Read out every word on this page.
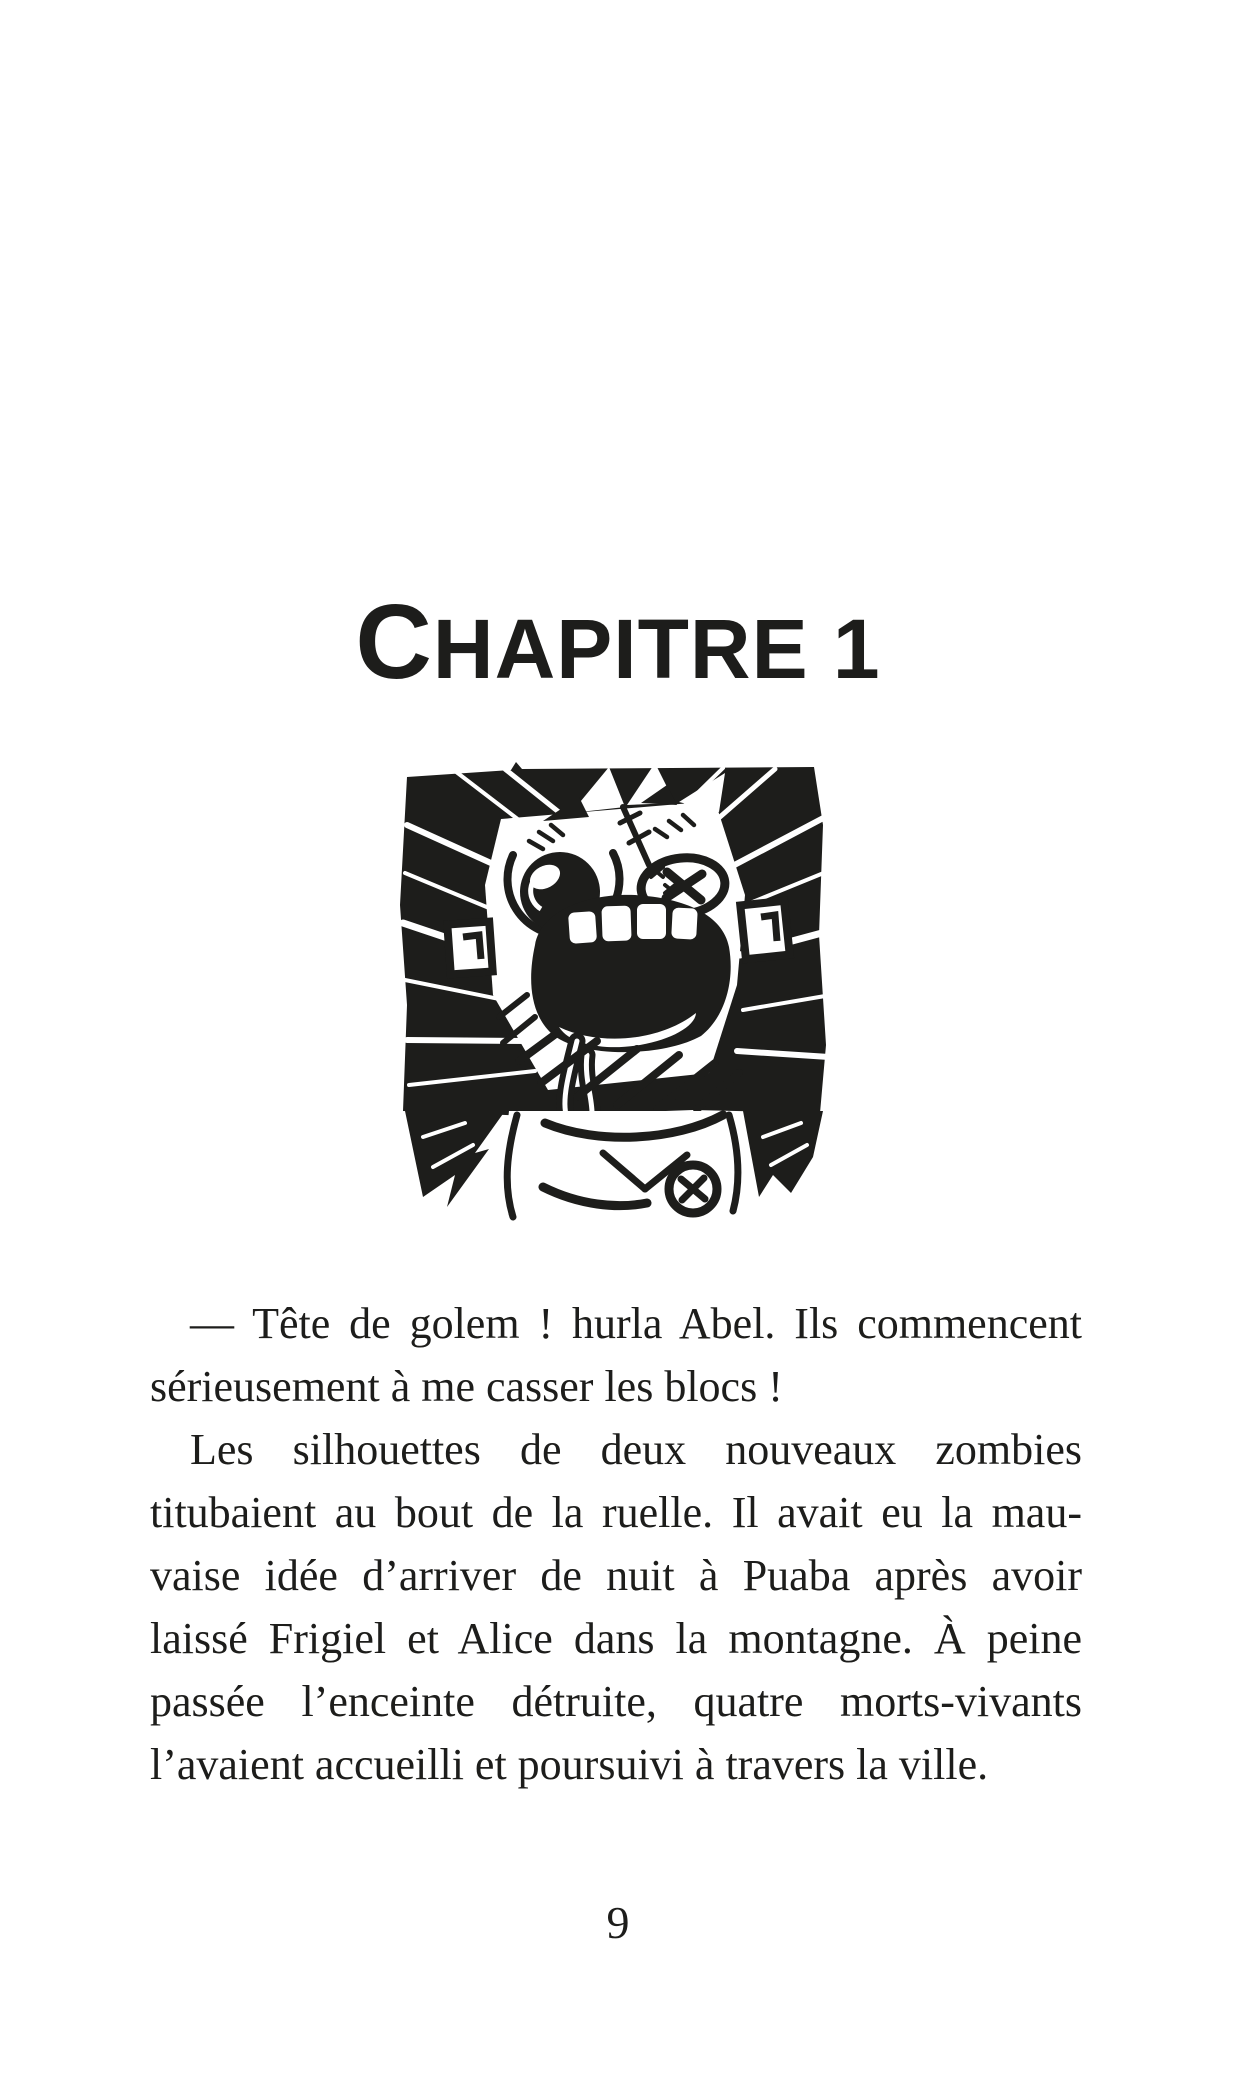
CHAPITRE 1

— Tête de golem ! hurla Abel. Ils commencent sérieusement à me casser les blocs !

Les silhouettes de deux nouveaux zombies titubaient au bout de la ruelle. Il avait eu la mauvaise idée d’arriver de nuit à Puaba après avoir laissé Frigiel et Alice dans la montagne. À peine passée l’enceinte détruite, quatre morts-vivants l’avaient accueilli et poursuivi à travers la ville.

9
